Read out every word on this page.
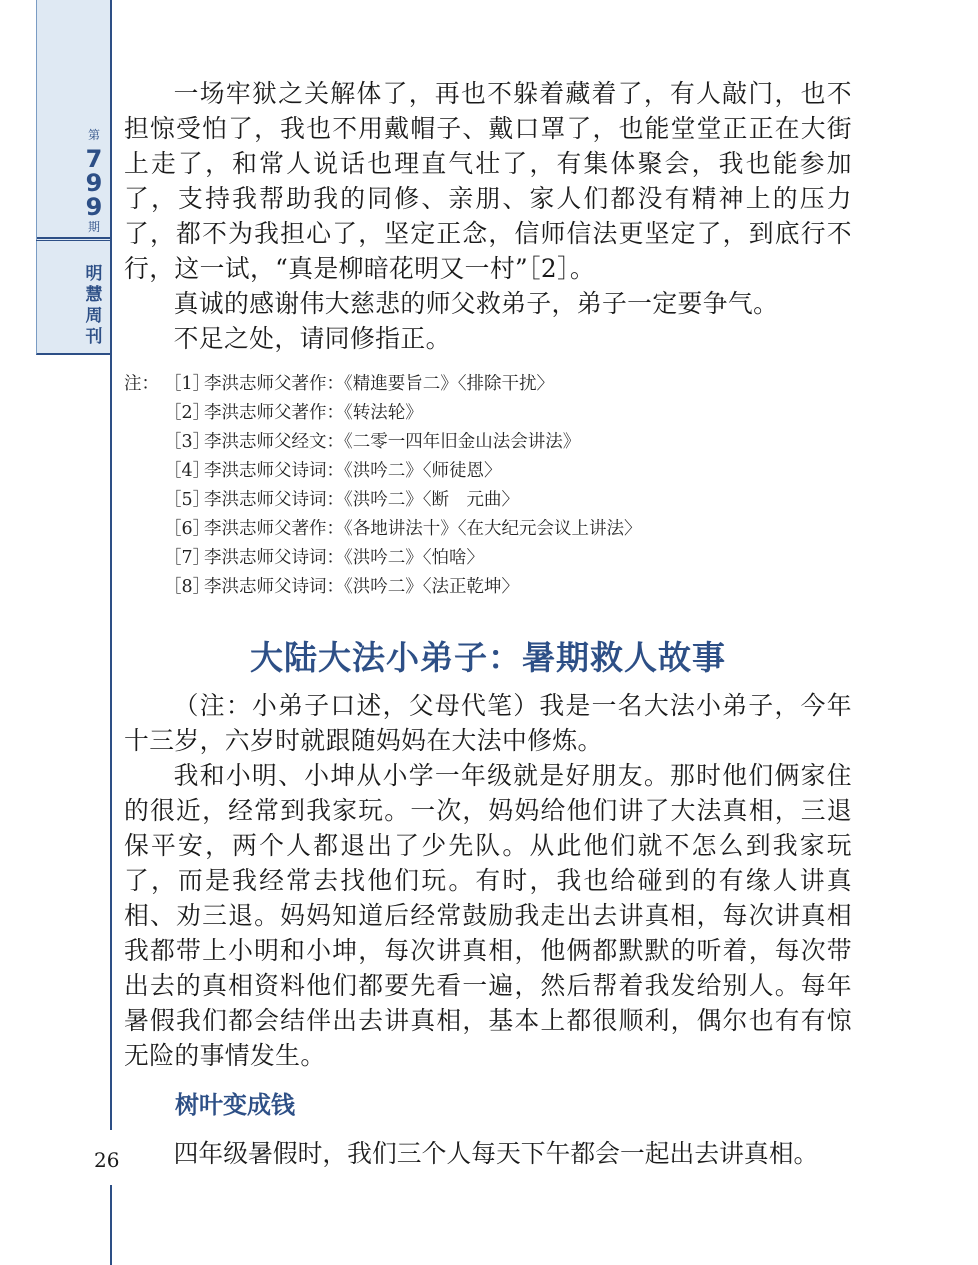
第
7
9
9
期
明
慧
周
刊

一场牢狱之关解体了，再也不躲着藏着了，有人敲门，也不担惊受怕了，我也不用戴帽子、戴口罩了，也能堂堂正正在大街上走了，和常人说话也理直气壮了，有集体聚会，我也能参加了，支持我帮助我的同修、亲朋、家人们都没有精神上的压力了，都不为我担心了，坚定正念，信师信法更坚定了，到底行不行，这一试，“真是柳暗花明又一村”［2］。

真诚的感谢伟大慈悲的师父救弟子，弟子一定要争气。

不足之处，请同修指正。

注： ［1］
李洪志师父著作：《精進要旨二》〈排除干扰〉
［2］
李洪志师父著作：《转法轮》
［3］
李洪志师父经文：《二零一四年旧金山法会讲法》
［4］
李洪志师父诗词：《洪吟二》〈师徒恩〉
［5］
李洪志师父诗词：《洪吟二》〈断　元曲〉
［6］
李洪志师父著作：《各地讲法十》〈在大纪元会议上讲法〉
［7］
李洪志师父诗词：《洪吟二》〈怕啥〉
［8］
李洪志师父诗词：《洪吟二》〈法正乾坤〉
大陆大法小弟子：暑期救人故事

（注：小弟子口述，父母代笔）我是一名大法小弟子，今年十三岁，六岁时就跟随妈妈在大法中修炼。

我和小明、小坤从小学一年级就是好朋友。那时他们俩家住的很近，经常到我家玩。一次，妈妈给他们讲了大法真相，三退保平安，两个人都退出了少先队。从此他们就不怎么到我家玩了，而是我经常去找他们玩。有时，我也给碰到的有缘人讲真相、劝三退。妈妈知道后经常鼓励我走出去讲真相，每次讲真相我都带上小明和小坤，每次讲真相，他俩都默默的听着，每次带出去的真相资料他们都要先看一遍，然后帮着我发给别人。每年暑假我们都会结伴出去讲真相，基本上都很顺利，偶尔也有有惊无险的事情发生。

树叶变成钱

四年级暑假时，我们三个人每天下午都会一起出去讲真相。

26
